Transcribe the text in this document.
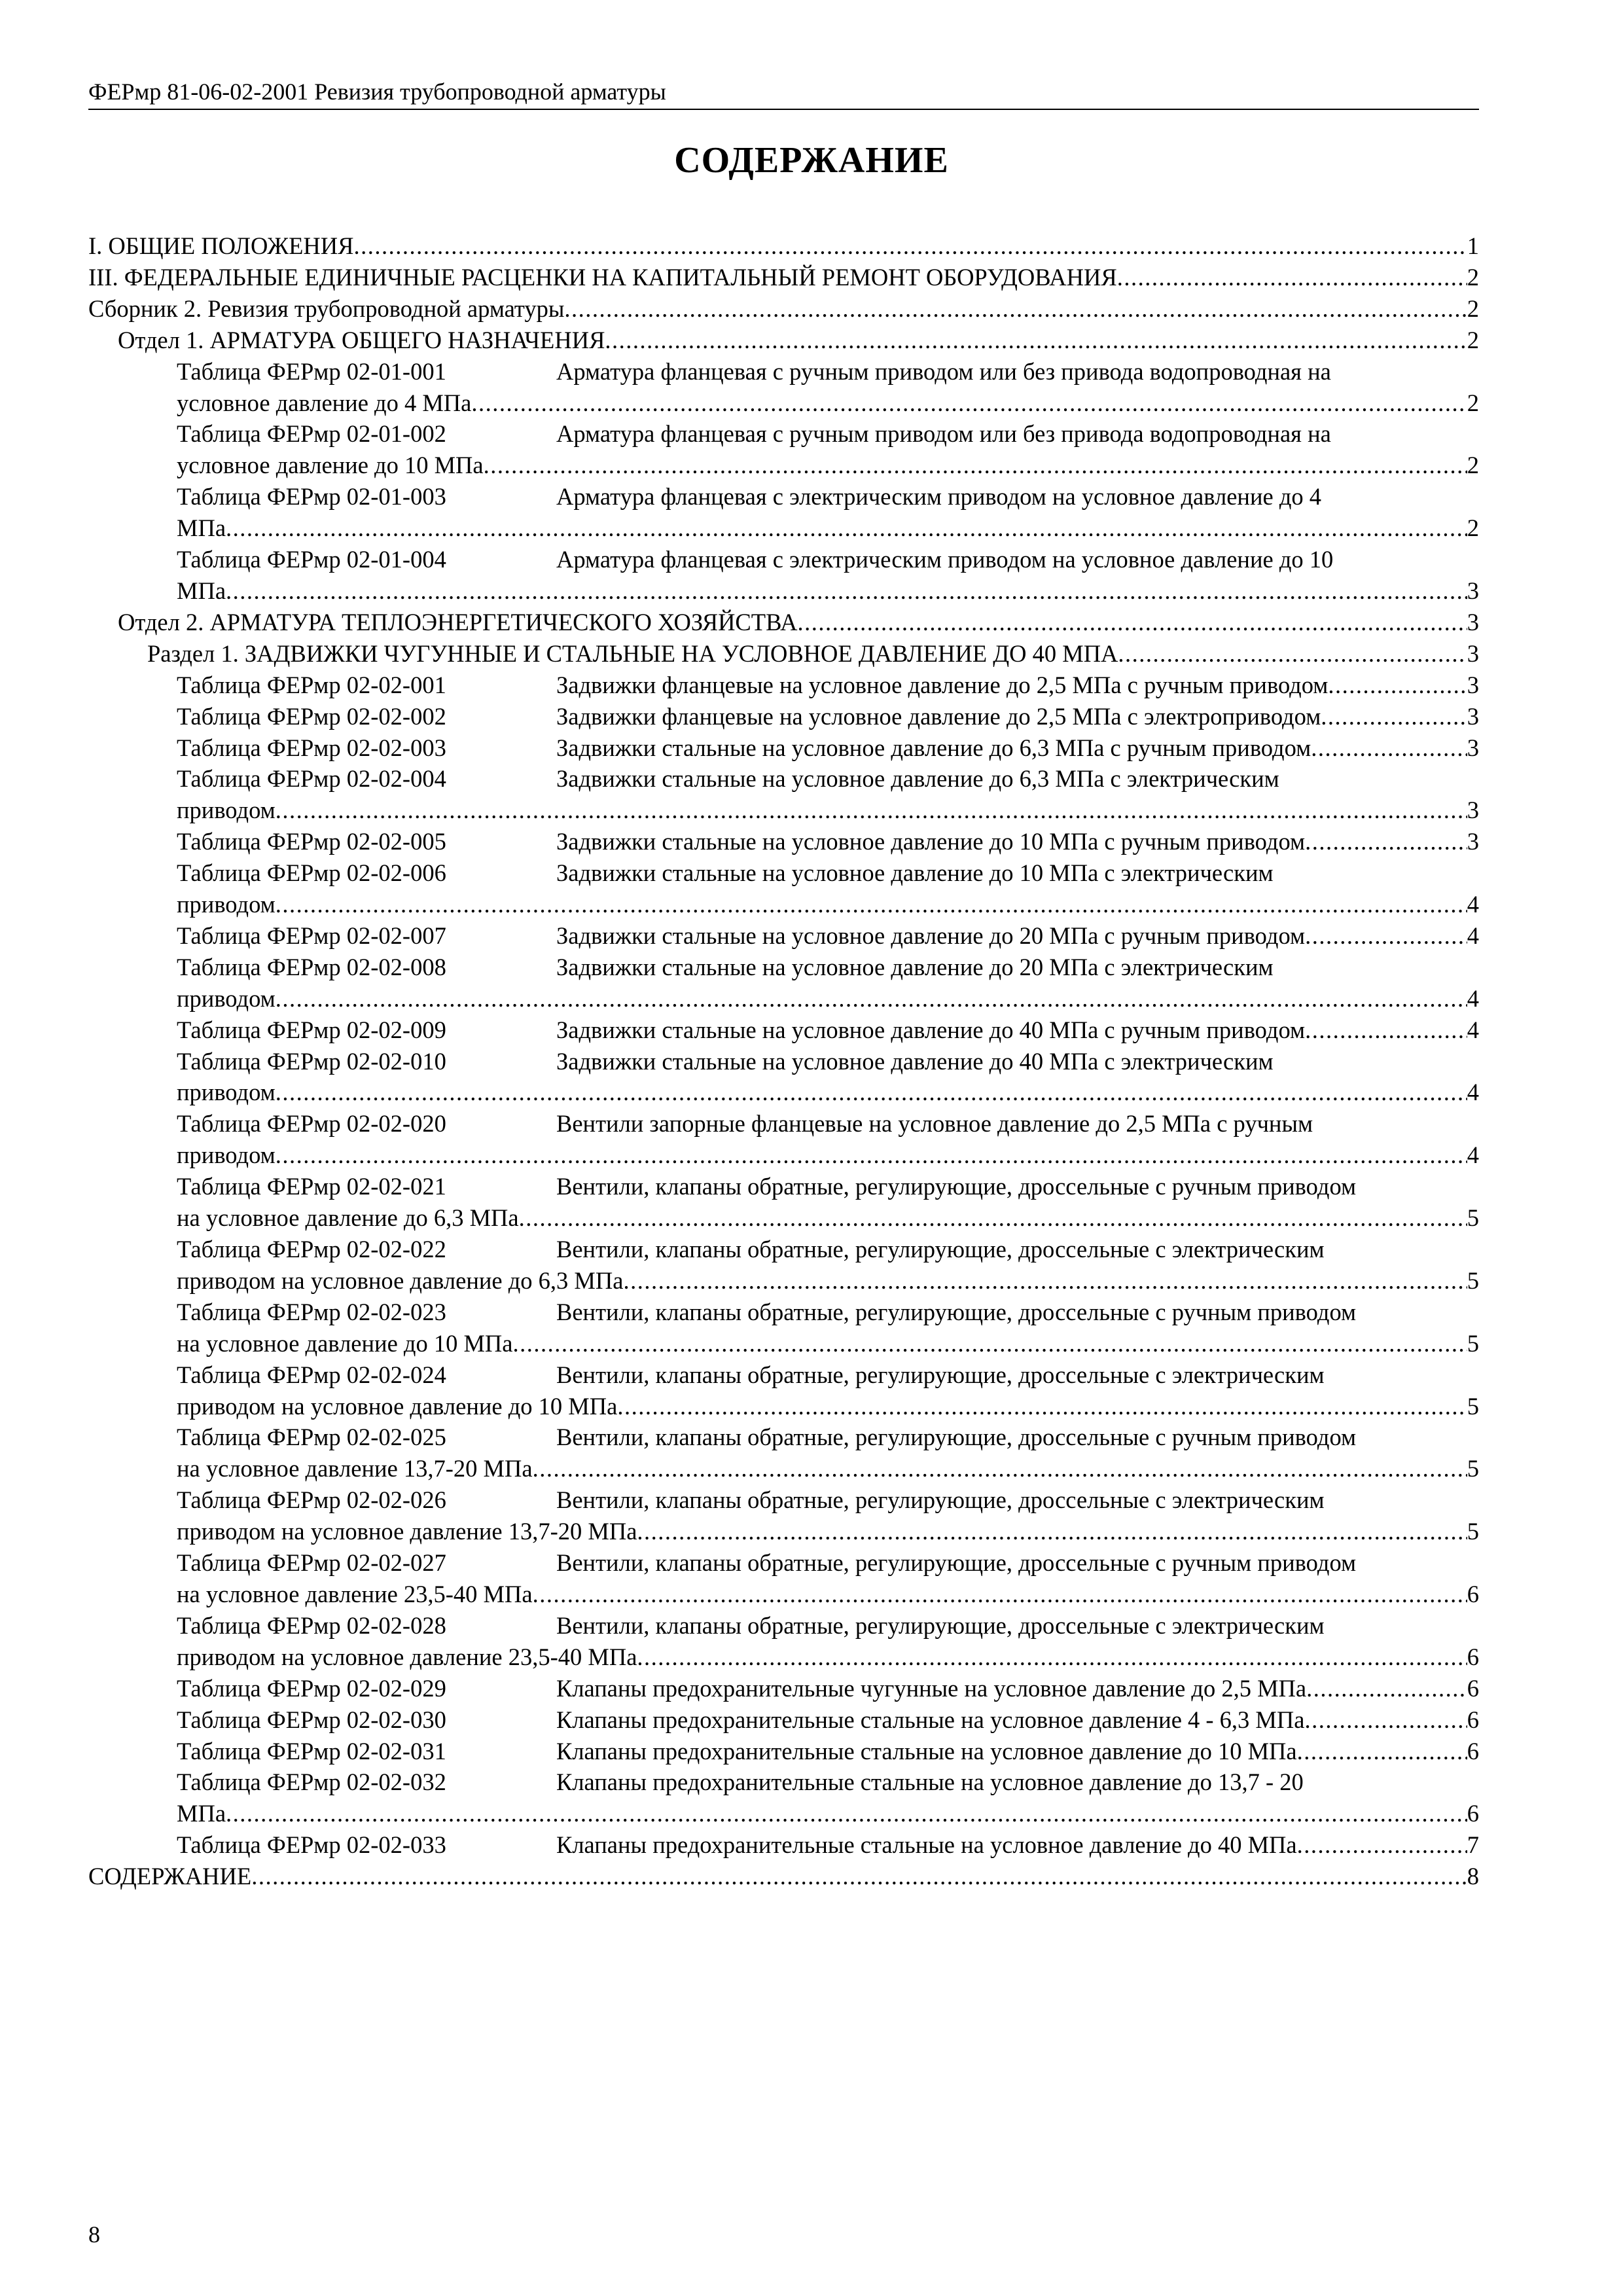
ФЕРмр 81-06-02-2001 Ревизия трубопроводной арматуры
СОДЕРЖАНИЕ
I. ОБЩИЕ ПОЛОЖЕНИЯ .....	1
III. ФЕДЕРАЛЬНЫЕ ЕДИНИЧНЫЕ РАСЦЕНКИ НА КАПИТАЛЬНЫЙ РЕМОНТ ОБОРУДОВАНИЯ .....	2
Сборник 2. Ревизия трубопроводной арматуры .....	2
Отдел 1. АРМАТУРА ОБЩЕГО НАЗНАЧЕНИЯ .....	2
Таблица ФЕРмр 02-01-001	Арматура фланцевая с ручным приводом или без привода водопроводная на
условное давление до 4 МПа .....	2
Таблица ФЕРмр 02-01-002	Арматура фланцевая с ручным приводом или без привода водопроводная на
условное давление до 10 МПа .....	2
Таблица ФЕРмр 02-01-003	Арматура фланцевая с электрическим приводом на условное давление до 4
МПа .....	2
Таблица ФЕРмр 02-01-004	Арматура фланцевая с электрическим приводом на условное давление до 10
МПа .....	3
Отдел 2. АРМАТУРА ТЕПЛОЭНЕРГЕТИЧЕСКОГО ХОЗЯЙСТВА .....	3
Раздел 1. ЗАДВИЖКИ ЧУГУННЫЕ И СТАЛЬНЫЕ НА УСЛОВНОЕ ДАВЛЕНИЕ ДО 40 МПА .....	3
Таблица ФЕРмр 02-02-001	Задвижки фланцевые на условное давление до 2,5 МПа с ручным приводом .....	3
Таблица ФЕРмр 02-02-002	Задвижки фланцевые на условное давление до 2,5 МПа с электроприводом .....	3
Таблица ФЕРмр 02-02-003	Задвижки стальные на условное давление до 6,3 МПа с ручным приводом .....	3
Таблица ФЕРмр 02-02-004	Задвижки стальные на условное давление до 6,3 МПа с электрическим
приводом .....	3
Таблица ФЕРмр 02-02-005	Задвижки стальные на условное давление до 10 МПа с ручным приводом .....	3
Таблица ФЕРмр 02-02-006	Задвижки стальные на условное давление до 10 МПа с электрическим
приводом .....	4
Таблица ФЕРмр 02-02-007	Задвижки стальные на условное давление до 20 МПа с ручным приводом .....	4
Таблица ФЕРмр 02-02-008	Задвижки стальные на условное давление до 20 МПа с электрическим
приводом .....	4
Таблица ФЕРмр 02-02-009	Задвижки стальные на условное давление до 40 МПа с ручным приводом .....	4
Таблица ФЕРмр 02-02-010	Задвижки стальные на условное давление до 40 МПа с электрическим
приводом .....	4
Таблица ФЕРмр 02-02-020	Вентили запорные фланцевые на условное давление до 2,5 МПа с ручным
приводом .....	4
Таблица ФЕРмр 02-02-021	Вентили, клапаны обратные, регулирующие, дроссельные с ручным приводом
на условное давление до 6,3 МПа .....	5
Таблица ФЕРмр 02-02-022	Вентили, клапаны обратные, регулирующие, дроссельные с электрическим
приводом на условное давление до 6,3 МПа .....	5
Таблица ФЕРмр 02-02-023	Вентили, клапаны обратные, регулирующие, дроссельные с ручным приводом
на условное давление до 10 МПа .....	5
Таблица ФЕРмр 02-02-024	Вентили, клапаны обратные, регулирующие, дроссельные с электрическим
приводом на условное давление до 10 МПа .....	5
Таблица ФЕРмр 02-02-025	Вентили, клапаны обратные, регулирующие, дроссельные с ручным приводом
на условное давление 13,7-20 МПа .....	5
Таблица ФЕРмр 02-02-026	Вентили, клапаны обратные, регулирующие, дроссельные с электрическим
приводом на условное давление 13,7-20 МПа .....	5
Таблица ФЕРмр 02-02-027	Вентили, клапаны обратные, регулирующие, дроссельные с ручным приводом
на условное давление 23,5-40 МПа .....	6
Таблица ФЕРмр 02-02-028	Вентили, клапаны обратные, регулирующие, дроссельные с электрическим
приводом на условное давление 23,5-40 МПа .....	6
Таблица ФЕРмр 02-02-029	Клапаны предохранительные чугунные на условное давление до 2,5 МПа .....	6
Таблица ФЕРмр 02-02-030	Клапаны предохранительные стальные на условное давление 4 - 6,3 МПа .....	6
Таблица ФЕРмр 02-02-031	Клапаны предохранительные стальные на условное давление до 10 МПа .....	6
Таблица ФЕРмр 02-02-032	Клапаны предохранительные стальные на условное давление до 13,7 - 20
МПа .....	6
Таблица ФЕРмр 02-02-033	Клапаны предохранительные стальные на условное давление до 40 МПа .....	7
СОДЕРЖАНИЕ .....	8
8
